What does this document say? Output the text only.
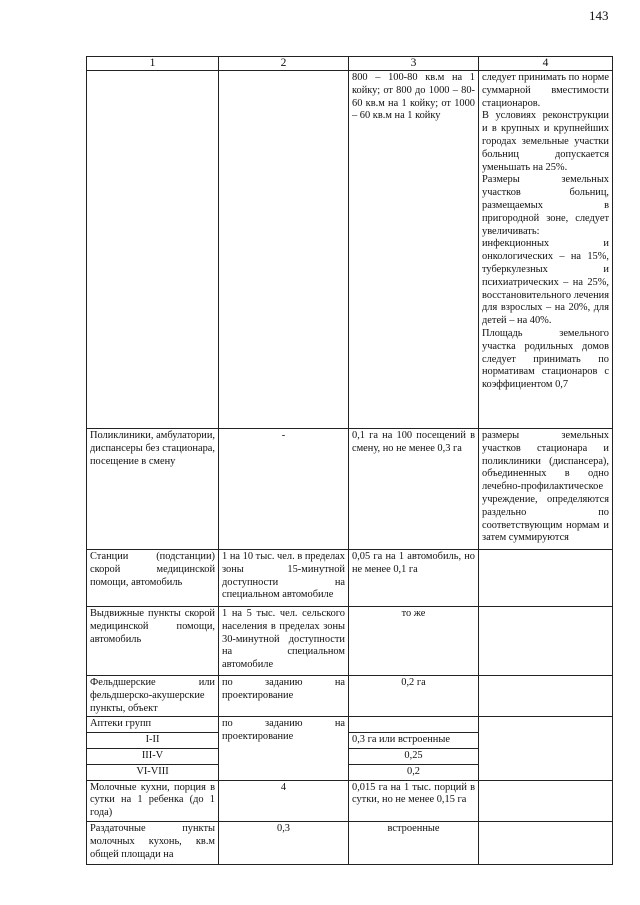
143
1	2	3	4
		800 – 100-80 кв.м на 1 койку; от 800 до 1000 – 80-60 кв.м на 1 койку; от 1000 – 60 кв.м на 1 койку	следует принимать по норме суммарной вместимости стационаров.
В условиях реконструкции и в крупных и крупнейших городах земельные участки больниц допускается уменьшать на 25%.
Размеры земельных участков больниц, размещаемых в пригородной зоне, следует увеличивать: инфекционных и онкологических – на 15%, туберкулезных и психиатрических – на 25%, восстановительного лечения для взрослых – на 20%, для детей – на 40%.
Площадь земельного участка родильных домов следует принимать по нормативам стационаров с коэффициентом 0,7

Поликлиники, амбулатории, диспансеры без стационара, посещение в смену	-	0,1 га на 100 посещений в смену, но не менее 0,3 га	размеры земельных участков стационара и поликлиники (диспансера), объединенных в одно лечебно-профилактическое учреждение, определяются раздельно по соответствующим нормам и затем суммируются
Станции (подстанции) скорой медицинской помощи, автомобиль	1 на 10 тыс. чел. в пределах зоны 15-минутной доступности на специальном автомобиле	0,05 га на 1 автомобиль, но не менее 0,1 га	
Выдвижные пункты скорой медицинской помощи, автомобиль	1 на 5 тыс. чел. сельского населения в пределах зоны 30-минутной доступности на специальном автомобиле	то же	
Фельдшерские или фельдшерско-акушерские пункты, объект	по заданию на проектирование	0,2 га	
Аптеки групп	по заданию на проектирование		
I-II		0,3 га или встроенные	
III-V		0,25	
VI-VIII		0,2	
Молочные кухни, порция в сутки на 1 ребенка (до 1 года)	4	0,015 га на 1 тыс. порций в сутки, но не менее 0,15 га	
Раздаточные пункты молочных кухонь, кв.м общей площади на	0,3	встроенные	
